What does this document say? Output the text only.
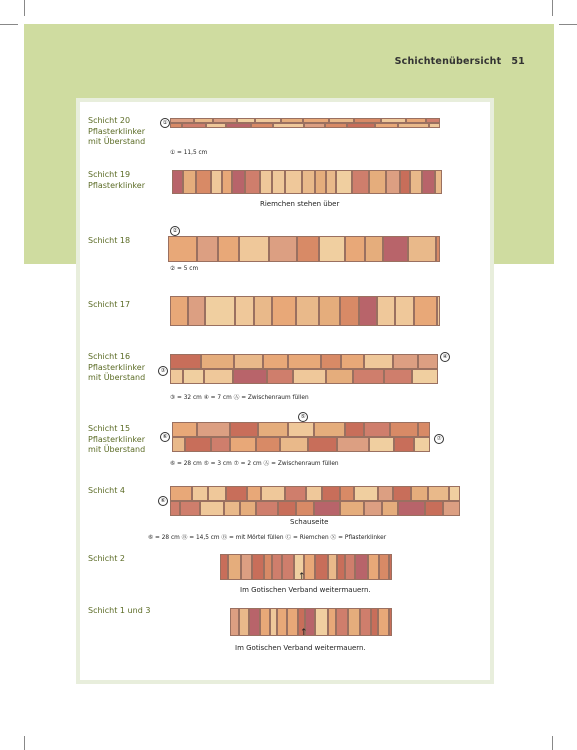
Schichtenübersicht 51
Schicht 20
Pflasterklinker
mit Überstand
①
① = 11,5 cm
Schicht 19
Pflasterklinker
Riemchen stehen über
Schicht 18
②
② = 5 cm
Schicht 17
Schicht 16
Pflasterklinker
mit Überstand
③
④
③ = 32 cm ④ = 7 cm Ⓐ = Zwischenraum füllen
Schicht 15
Pflasterklinker
mit Überstand
⑤
⑥	⑦
⑥ = 28 cm ⑤ = 3 cm ⑦ = 2 cm Ⓐ = Zwischenraum füllen
Schicht 4
⑥
Schauseite
⑥ = 28 cm Ⓑ = 14,5 cm Ⓑ = mit Mörtel füllen Ⓒ = Riemchen Ⓧ = Pflasterklinker
Schicht 2
↑
Im Gotischen Verband weitermauern.
Schicht 1 und 3
↑
Im Gotischen Verband weitermauern.
